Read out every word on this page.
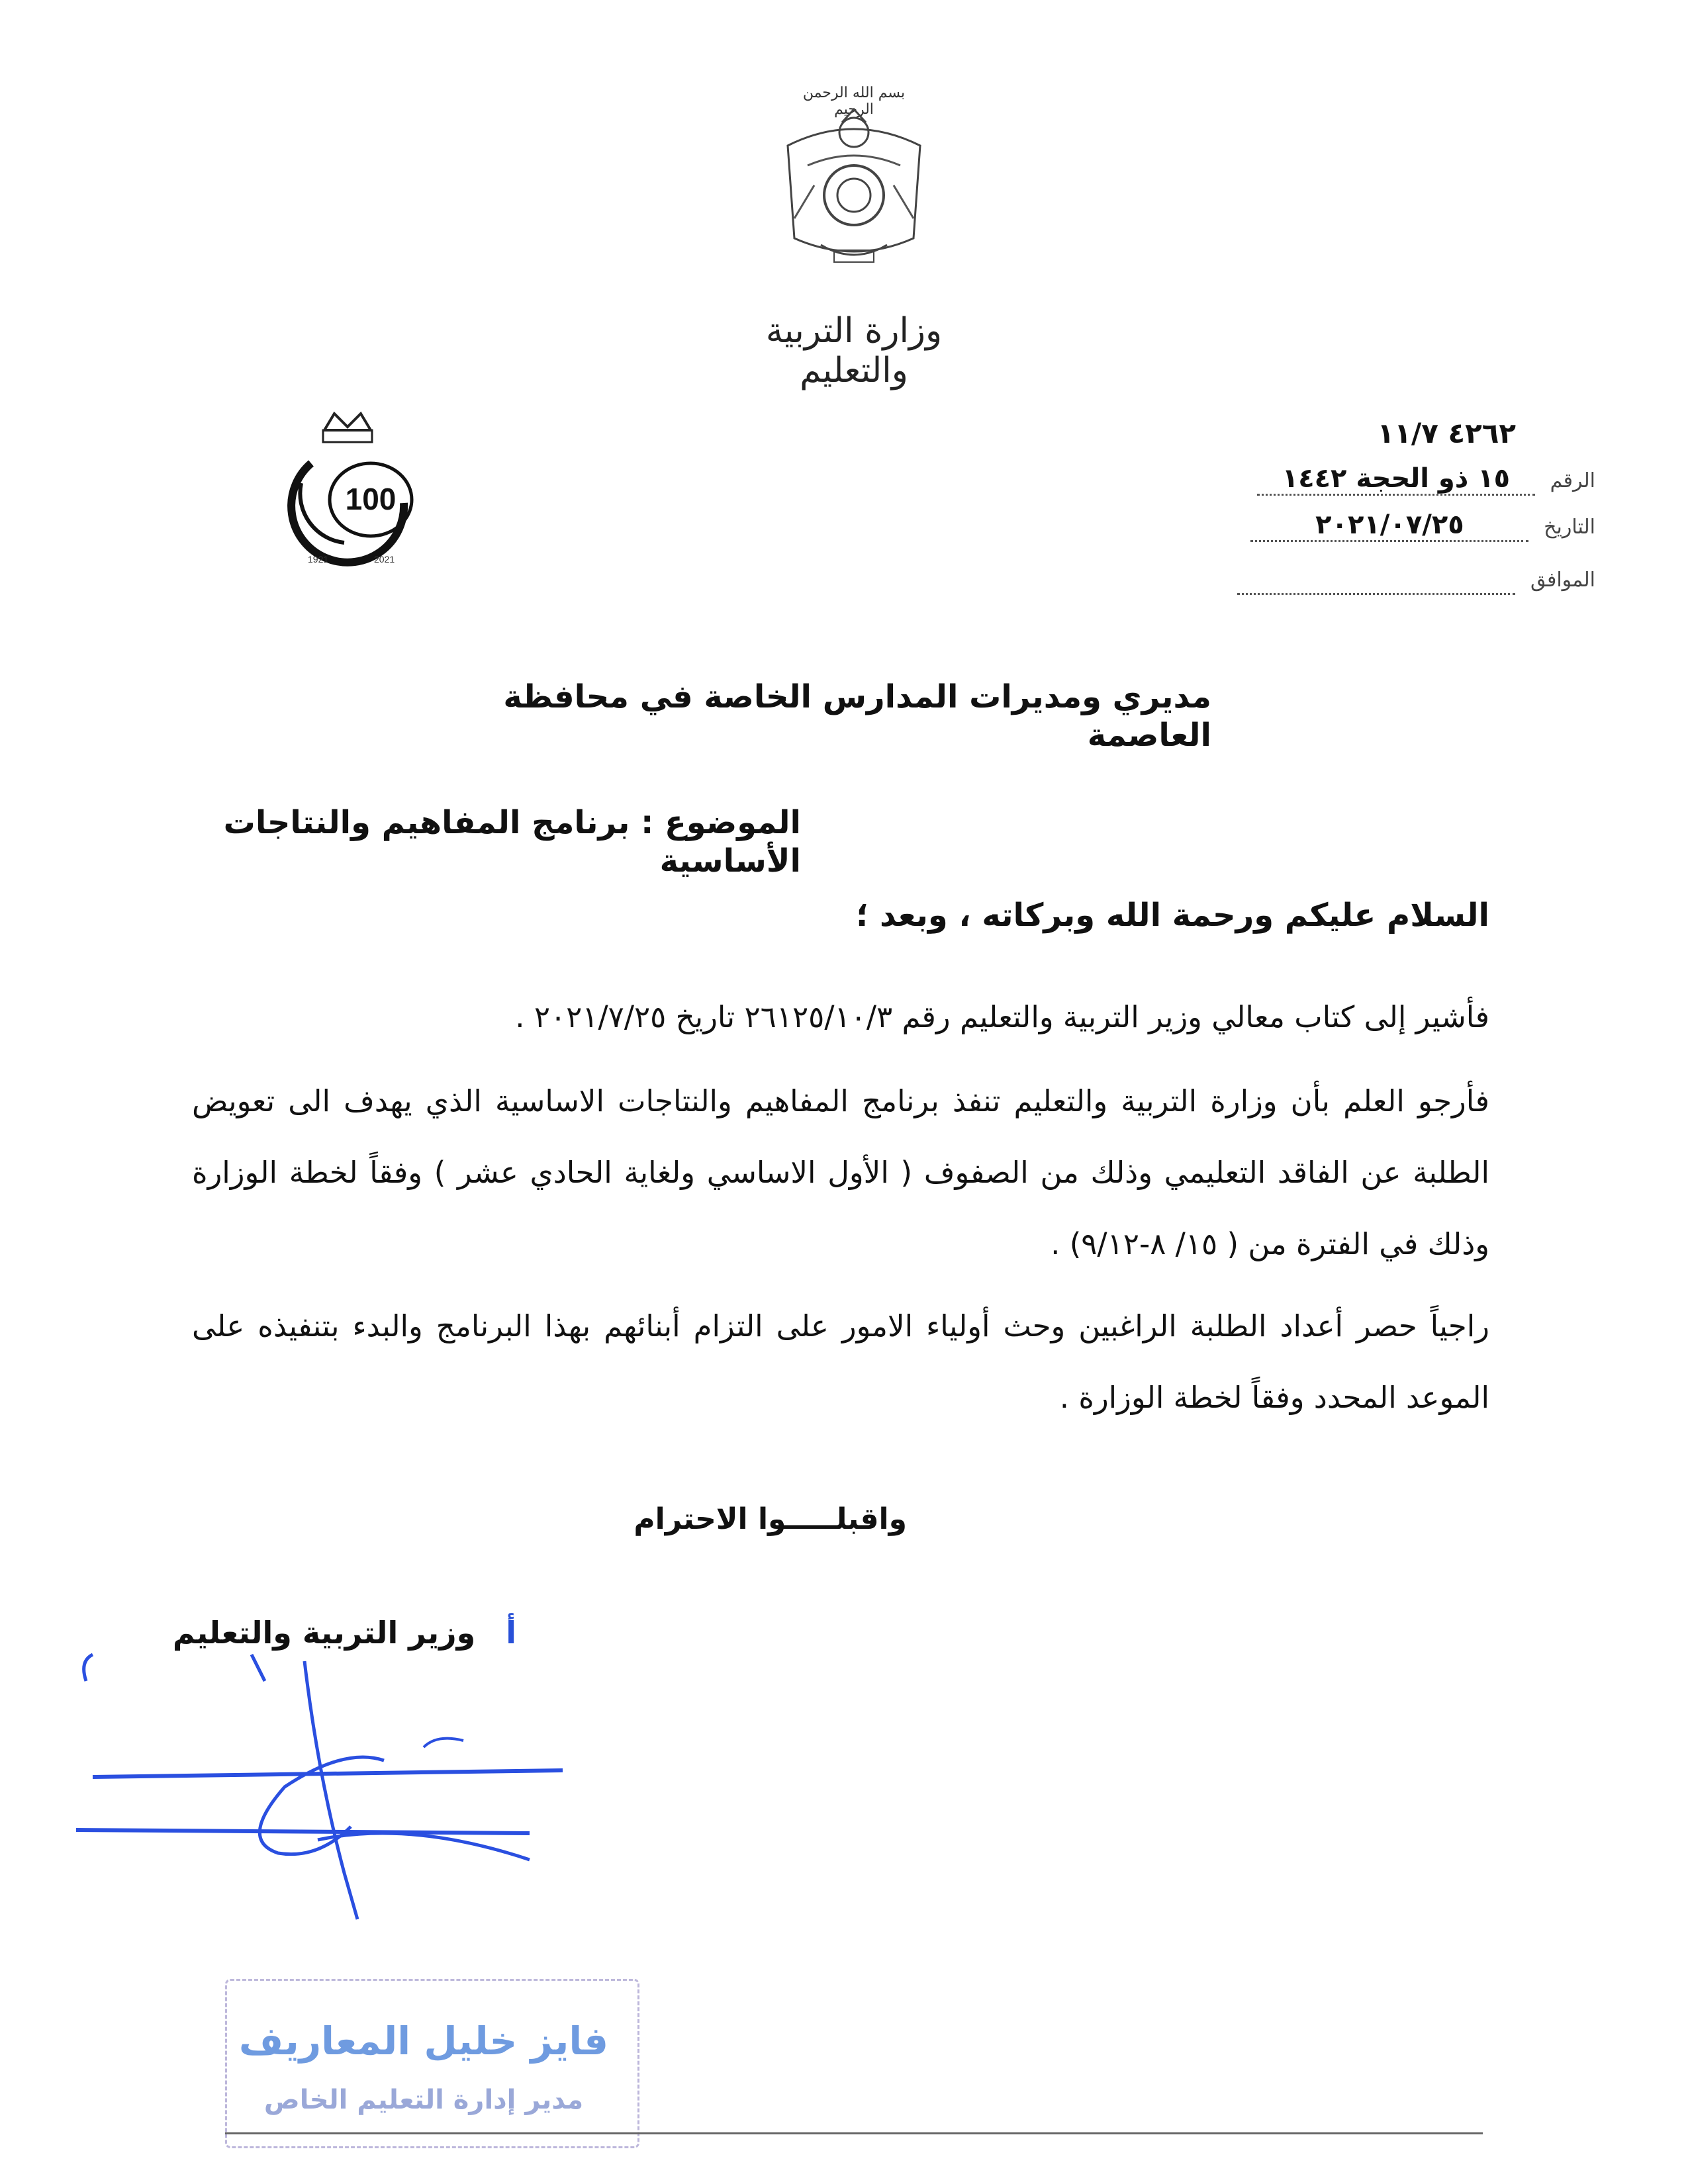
بسم الله الرحمن الرحيم
وزارة التربية والتعليم
100
1921	2021
٤٢٦٢ ١١/٧
الرقم ١٥ ذو الحجة ١٤٤٢
التاريخ ٢٠٢١/٠٧/٢٥
الموافق
مديري ومديرات المدارس الخاصة في محافظة العاصمة
الموضوع : برنامج المفاهيم والنتاجات الأساسية
السلام عليكم ورحمة الله وبركاته ، وبعد ؛
فأشير إلى كتاب معالي وزير التربية والتعليم رقم ٢٦١٢٥/١٠/٣ تاريخ ٢٠٢١/٧/٢٥ .
فأرجو العلم بأن وزارة التربية والتعليم تنفذ برنامج المفاهيم والنتاجات الاساسية الذي يهدف الى تعويض الطلبة عن الفاقد التعليمي وذلك من الصفوف ( الأول الاساسي ولغاية الحادي عشر ) وفقاً لخطة الوزارة وذلك في الفترة من ( ١٥/ ٨-٩/١٢) .
راجياً حصر أعداد الطلبة الراغبين وحث أولياء الامور على التزام أبنائهم بهذا البرنامج والبدء بتنفيذه على الموعد المحدد وفقاً لخطة الوزارة .
واقبلـــــوا الاحترام
أ وزير التربية والتعليم
فايز خليل المعاريف
مدير إدارة التعليم الخاص
